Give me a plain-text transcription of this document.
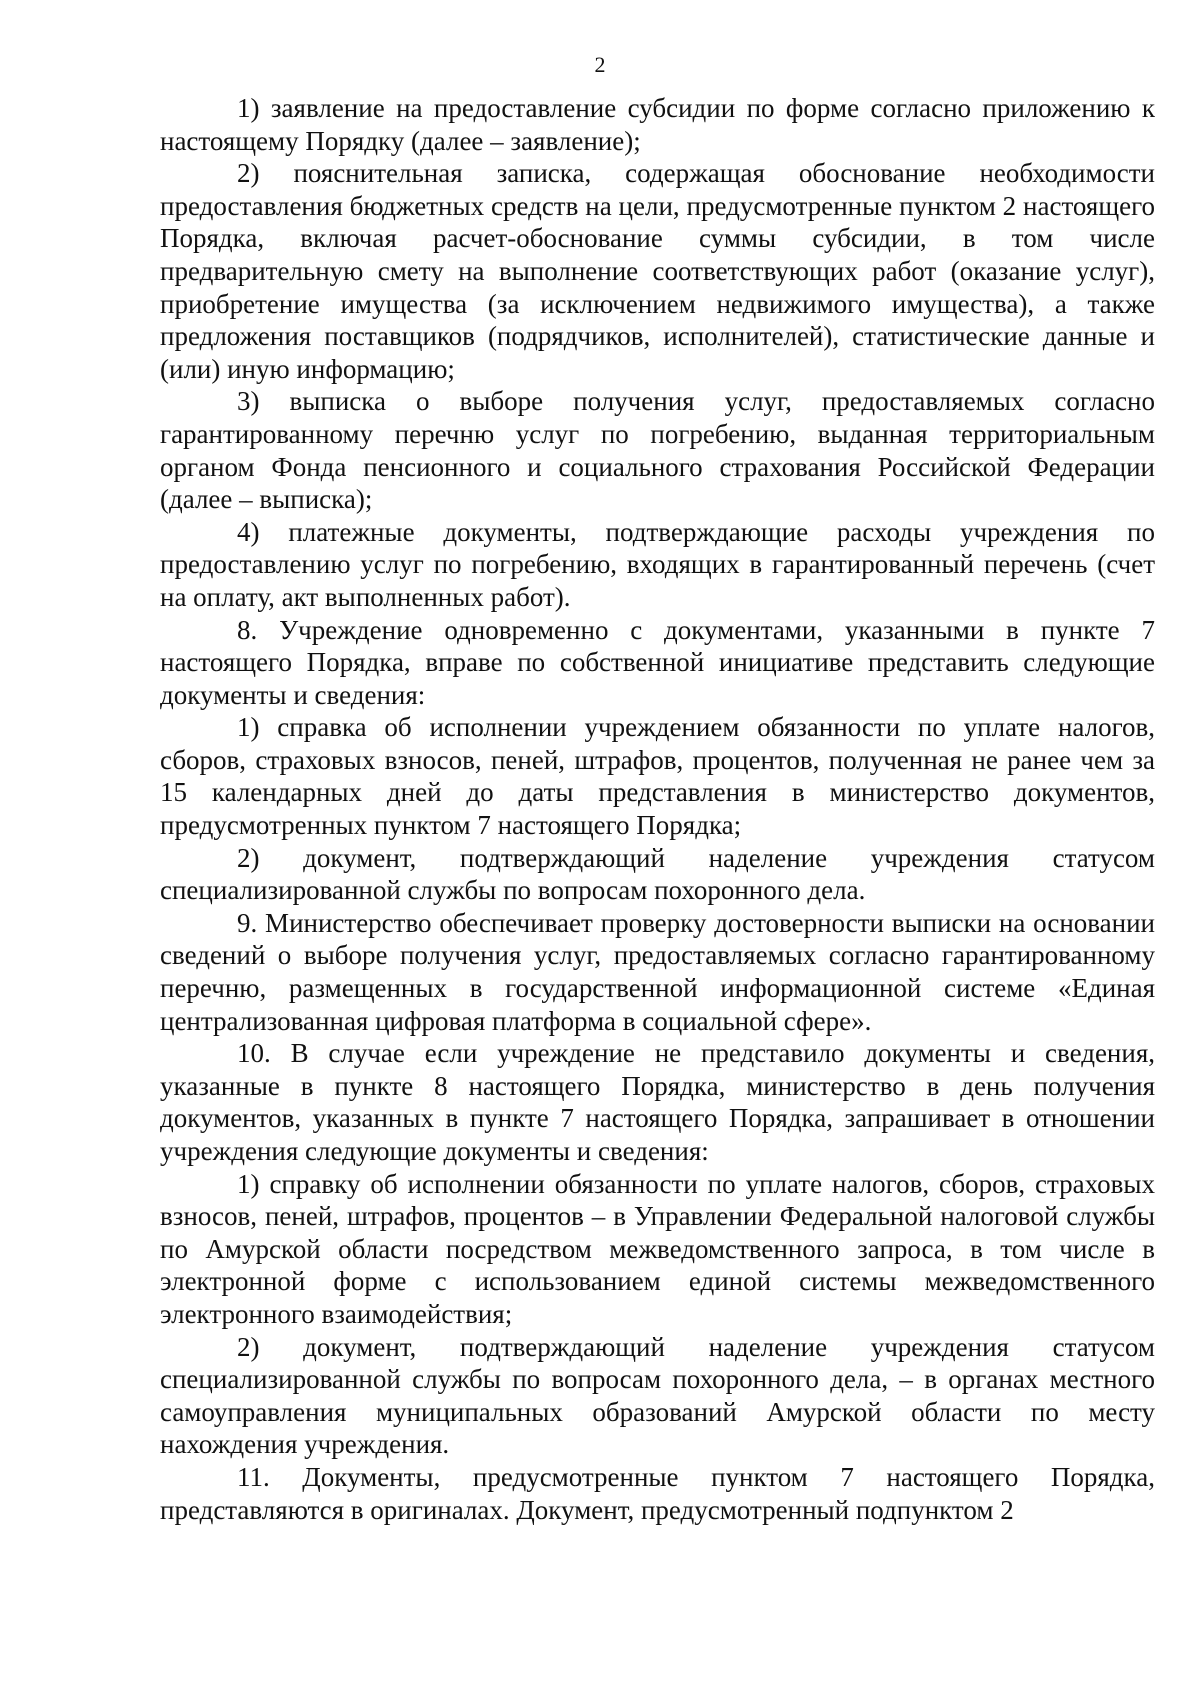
2

1) заявление на предоставление субсидии по форме согласно приложению к настоящему Порядку (далее – заявление);

2) пояснительная записка, содержащая обоснование необходимости предоставления бюджетных средств на цели, предусмотренные пунктом 2 настоящего Порядка, включая расчет-обоснование суммы субсидии, в том числе предварительную смету на выполнение соответствующих работ (оказание услуг), приобретение имущества (за исключением недвижимого имущества), а также предложения поставщиков (подрядчиков, исполнителей), статистические данные и (или) иную информацию;

3) выписка о выборе получения услуг, предоставляемых согласно гарантированному перечню услуг по погребению, выданная территориальным органом Фонда пенсионного и социального страхования Российской Федерации (далее – выписка);

4) платежные документы, подтверждающие расходы учреждения по предоставлению услуг по погребению, входящих в гарантированный перечень (счет на оплату, акт выполненных работ).

8. Учреждение одновременно с документами, указанными в пункте 7 настоящего Порядка, вправе по собственной инициативе представить следующие документы и сведения:

1) справка об исполнении учреждением обязанности по уплате налогов, сборов, страховых взносов, пеней, штрафов, процентов, полученная не ранее чем за 15 календарных дней до даты представления в министерство документов, предусмотренных пунктом 7 настоящего Порядка;

2) документ, подтверждающий наделение учреждения статусом специализированной службы по вопросам похоронного дела.

9. Министерство обеспечивает проверку достоверности выписки на основании сведений о выборе получения услуг, предоставляемых согласно гарантированному перечню, размещенных в государственной информационной системе «Единая централизованная цифровая платформа в социальной сфере».

10. В случае если учреждение не представило документы и сведения, указанные в пункте 8 настоящего Порядка, министерство в день получения документов, указанных в пункте 7 настоящего Порядка, запрашивает в отношении учреждения следующие документы и сведения:

1) справку об исполнении обязанности по уплате налогов, сборов, страховых взносов, пеней, штрафов, процентов – в Управлении Федеральной налоговой службы по Амурской области посредством межведомственного запроса, в том числе в электронной форме с использованием единой системы межведомственного электронного взаимодействия;

2) документ, подтверждающий наделение учреждения статусом специализированной службы по вопросам похоронного дела, – в органах местного самоуправления муниципальных образований Амурской области по месту нахождения учреждения.

11. Документы, предусмотренные пунктом 7 настоящего Порядка, представляются в оригиналах. Документ, предусмотренный подпунктом 2
